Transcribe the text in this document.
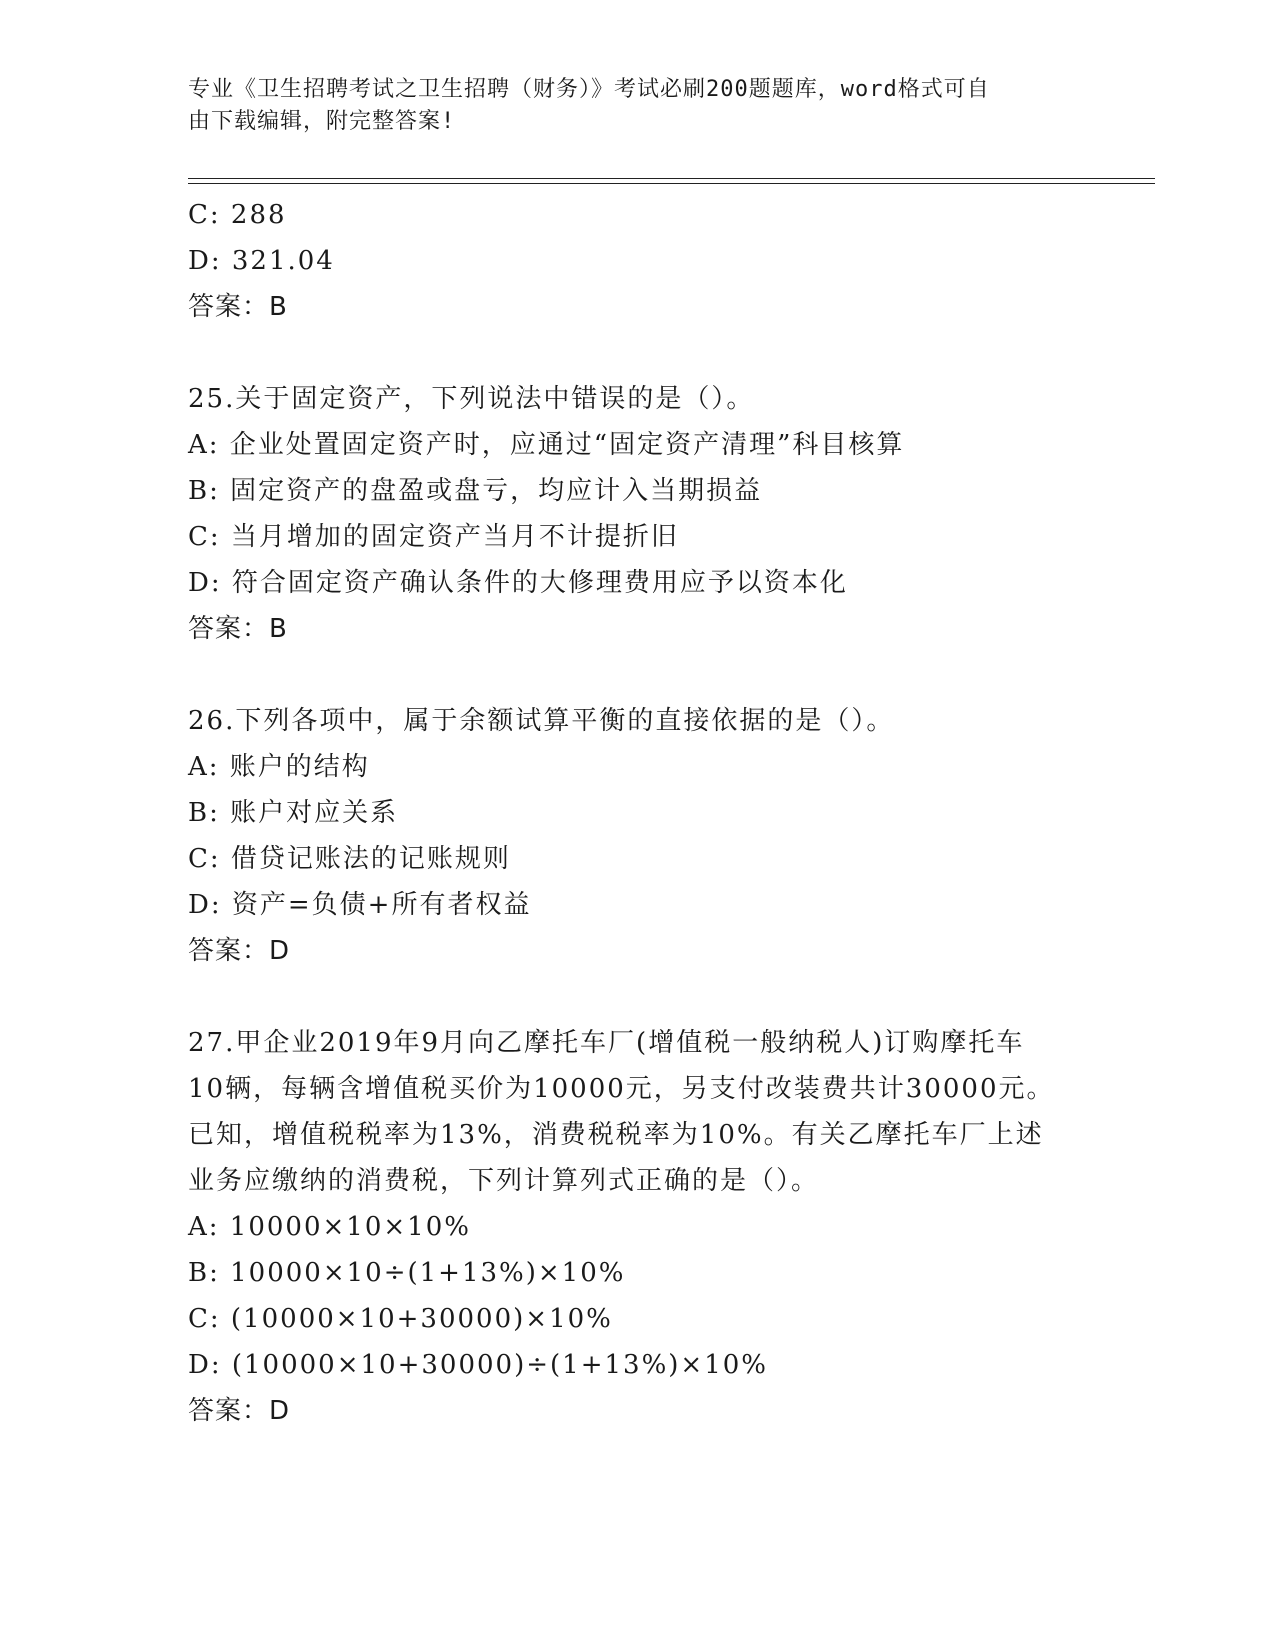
专业《卫生招聘考试之卫生招聘（财务）》考试必刷200题题库，word格式可自
由下载编辑，附完整答案!
C: 288
D: 321.04
答案：B
25.关于固定资产，下列说法中错误的是（）。
A: 企业处置固定资产时，应通过“固定资产清理”科目核算
B: 固定资产的盘盈或盘亏，均应计入当期损益
C: 当月增加的固定资产当月不计提折旧
D: 符合固定资产确认条件的大修理费用应予以资本化
答案：B
26.下列各项中，属于余额试算平衡的直接依据的是（）。
A: 账户的结构
B: 账户对应关系
C: 借贷记账法的记账规则
D: 资产=负债+所有者权益
答案：D
27.甲企业2019年9月向乙摩托车厂(增值税一般纳税人)订购摩托车
10辆，每辆含增值税买价为10000元，另支付改装费共计30000元。
已知，增值税税率为13%，消费税税率为10%。有关乙摩托车厂上述
业务应缴纳的消费税，下列计算列式正确的是（）。
A: 10000×10×10%
B: 10000×10÷(1+13%)×10%
C: (10000×10+30000)×10%
D: (10000×10+30000)÷(1+13%)×10%
答案：D
